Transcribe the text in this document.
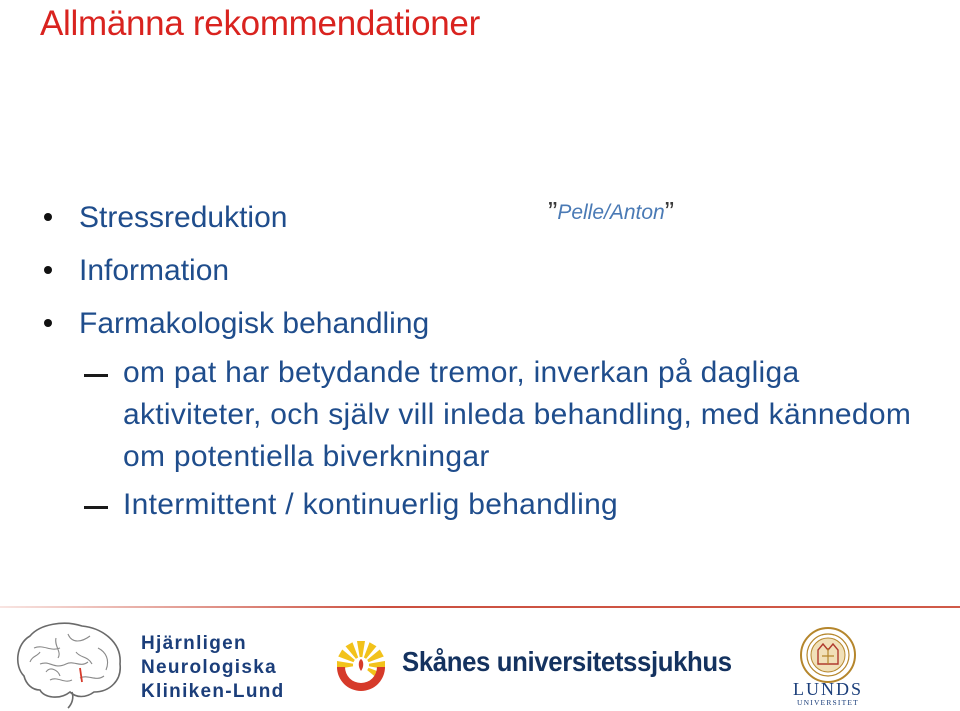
Allmänna rekommendationer
”Pelle/Anton”
Stressreduktion
Information
Farmakologisk behandling
om pat har betydande tremor, inverkan på dagliga aktiviteter, och själv vill inleda behandling, med kännedom om potentiella biverkningar
Intermittent / kontinuerlig behandling
Hjärnligen
Neurologiska
Kliniken-Lund
Skånes universitetssjukhus
LUNDS
UNIVERSITET
